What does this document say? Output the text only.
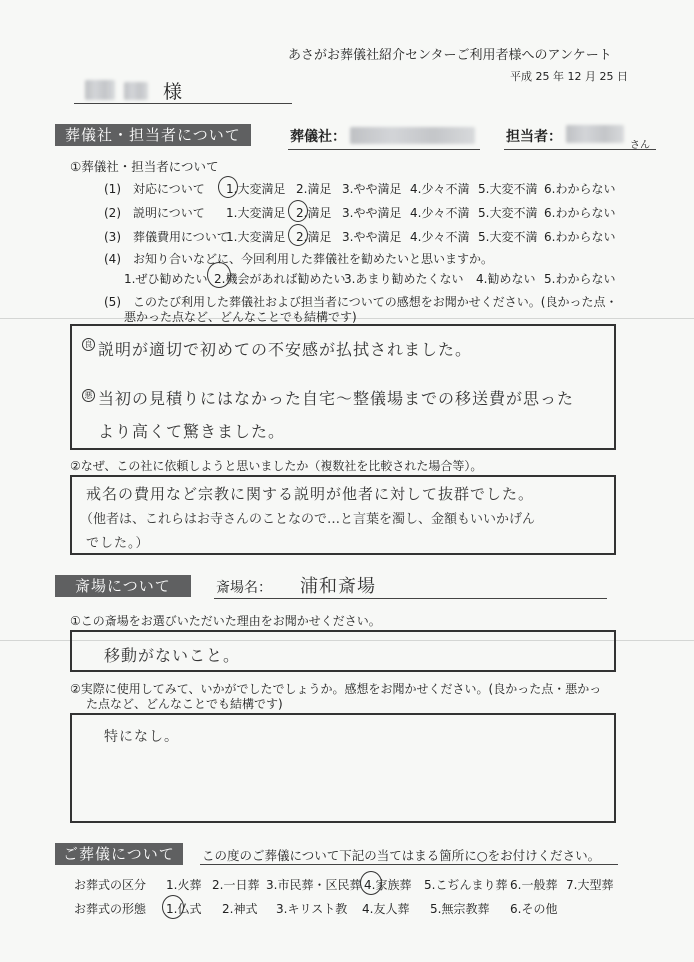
あさがお葬儀社紹介センターご利用者様へのアンケート
平成 25 年 12 月 25 日
様
葬儀社・担当者について	葬儀社：	担当者：
さん
①葬儀社・担当者について
(1)　対応について 1.大変満足 2.満足 3.やや満足 4.少々不満 5.大変不満 6.わからない
(2)　説明について 1.大変満足 2.満足 3.やや満足 4.少々不満 5.大変不満 6.わからない
(3)　葬儀費用について
1.大変満足 2.満足 3.やや満足 4.少々不満 5.大変不満 6.わからない
(4)　お知り合いなどに、今回利用した葬儀社を勧めたいと思いますか。
1.ぜひ勧めたい 2.機会があれば勧めたい
3.あまり勧めたくない 4.勧めない 5.わからない
(5)　このたび利用した葬儀社および担当者についての感想をお聞かせください。(良かった点・
悪かった点など、どんなことでも結構です)
良 説明が適切で初めての不安感が払拭されました。
悪 当初の見積りにはなかった自宅〜整儀場までの移送費が思った
より高くて驚きました。
②なぜ、この社に依頼しようと思いましたか（複数社を比較された場合等）。
戒名の費用など宗教に関する説明が他者に対して抜群でした。
（他者は、これらはお寺さんのことなので…と言葉を濁し、金額もいいかげん
でした。）
斎場について	斎場名： 浦和斎場
①この斎場をお選びいただいた理由をお聞かせください。
移動がないこと。
②実際に使用してみて、いかがでしたでしょうか。感想をお聞かせください。(良かった点・悪かっ
た点など、どんなことでも結構です)
特になし。
ご葬儀について	この度のご葬儀について下記の当てはまる箇所に○をお付けください。
お葬式の区分 1.火葬 2.一日葬 3.市民葬・区民葬 4.家族葬 5.こぢんまり葬 6.一般葬 7.大型葬
お葬式の形態 1.仏式 2.神式 3.キリスト教 4.友人葬 5.無宗教葬 6.その他
